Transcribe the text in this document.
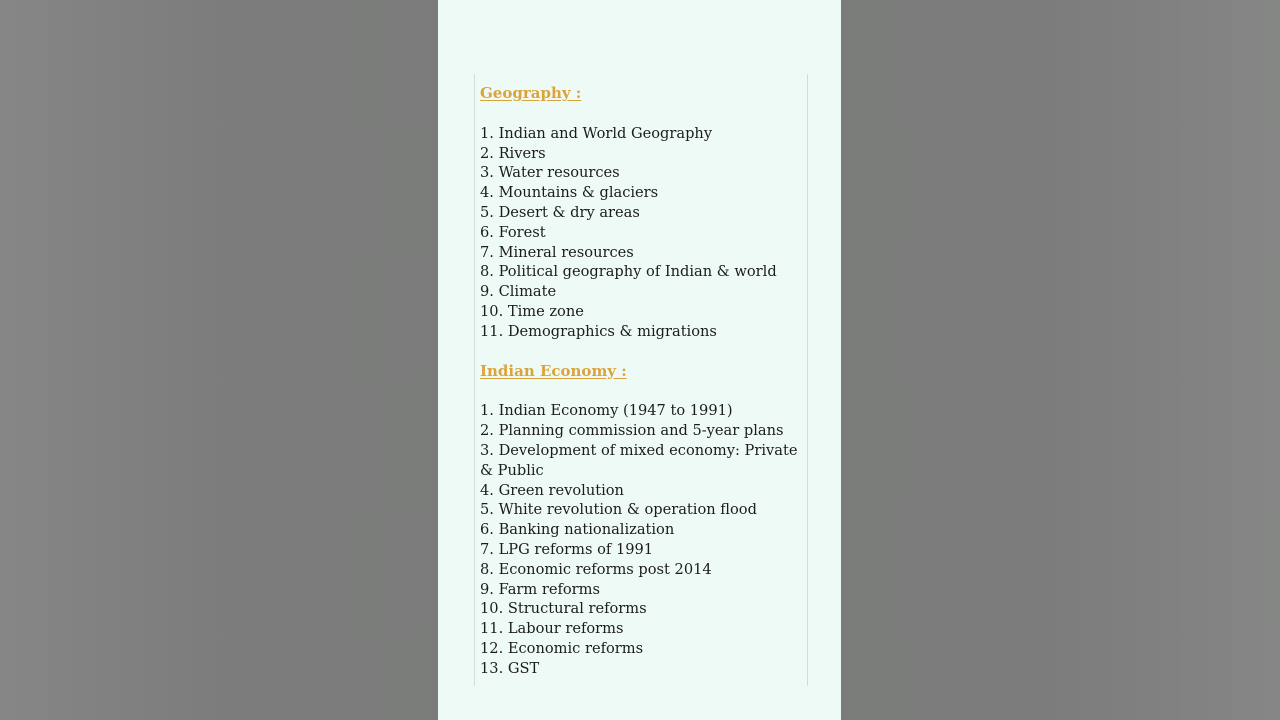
Geography :
1. Indian and World Geography
2. Rivers
3. Water resources
4. Mountains & glaciers
5. Desert & dry areas
6. Forest
7. Mineral resources
8. Political geography of Indian & world
9. Climate
10. Time zone
11. Demographics & migrations
Indian Economy :
1. Indian Economy (1947 to 1991)
2. Planning commission and 5-year plans
3. Development of mixed economy: Private & Public
4. Green revolution
5. White revolution & operation flood
6. Banking nationalization
7. LPG reforms of 1991
8. Economic reforms post 2014
9. Farm reforms
10. Structural reforms
11. Labour reforms
12. Economic reforms
13. GST
